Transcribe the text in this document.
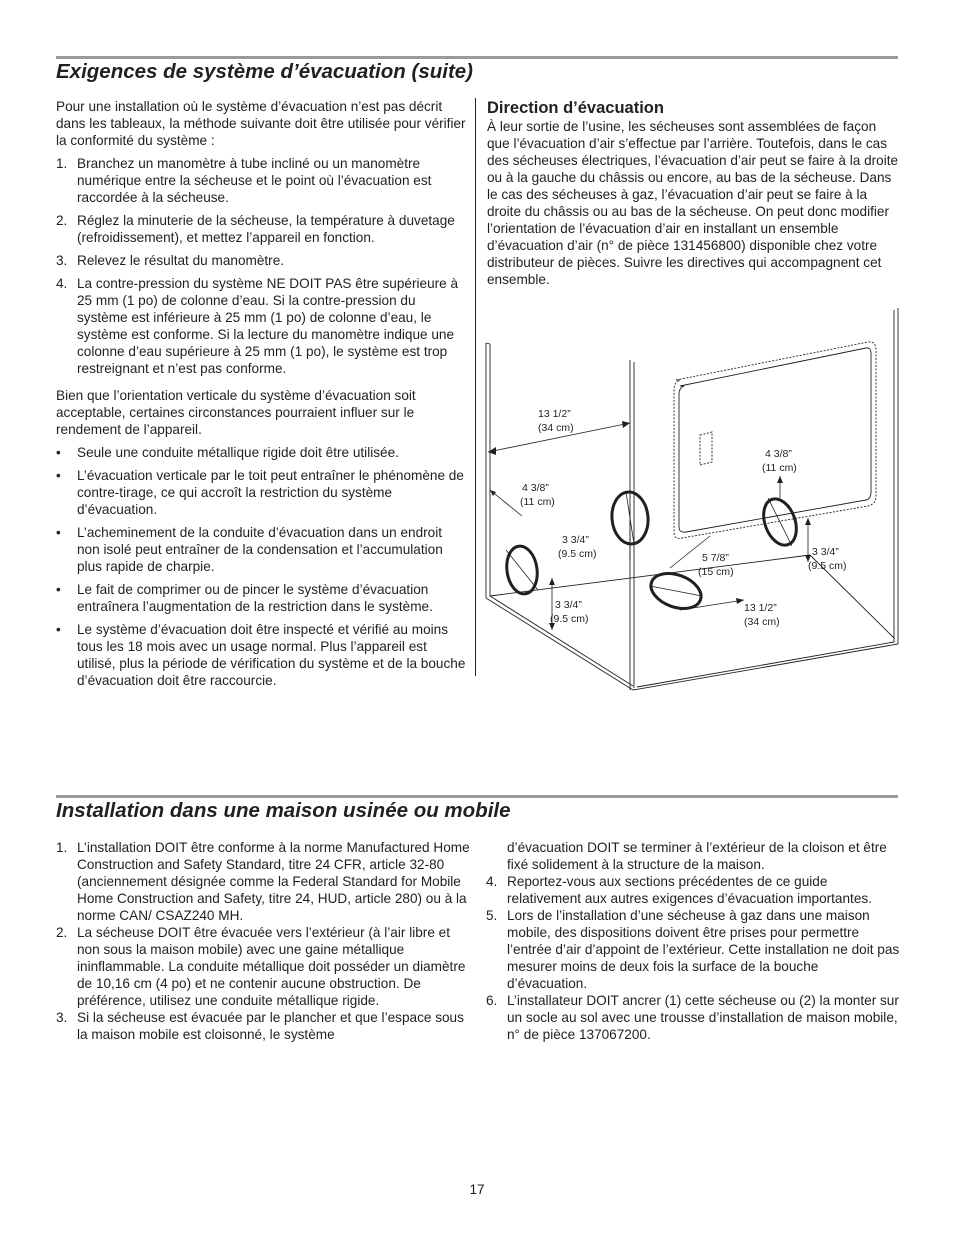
Exigences de système d’évacuation (suite)

Pour une installation où le système d’évacuation n’est pas décrit dans les tableaux, la méthode suivante doit être utilisée pour vérifier la conformité du système :

1. Branchez un manomètre à tube incliné ou un manomètre numérique entre la sécheuse et le point où l’évacuation est raccordée à la sécheuse.
2. Réglez la minuterie de la sécheuse, la température à duvetage (refroidissement), et mettez l’appareil en fonction.
3. Relevez le résultat du manomètre.
4. La contre-pression du système NE DOIT PAS être supérieure à 25 mm (1 po) de colonne d’eau. Si la contre-pression du système est inférieure à 25 mm (1 po) de colonne d’eau, le système est conforme. Si la lecture du manomètre indique une colonne d’eau supérieure à 25 mm (1 po), le système est trop restreignant et n’est pas conforme.

Bien que l’orientation verticale du système d’évacuation soit acceptable, certaines circonstances pourraient influer sur le rendement de l’appareil.

• Seule une conduite métallique rigide doit être utilisée.
• L’évacuation verticale par le toit peut entraîner le phénomène de contre-tirage, ce qui accroît la restriction du système d’évacuation.
• L’acheminement de la conduite d’évacuation dans un endroit non isolé peut entraîner de la condensation et l’accumulation plus rapide de charpie.
• Le fait de comprimer ou de pincer le système d’évacuation entraînera l’augmentation de la restriction dans le système.
• Le système d’évacuation doit être inspecté et vérifié au moins tous les 18 mois avec un usage normal. Plus l’appareil est utilisé, plus la période de vérification du système et de la bouche d’évacuation doit être raccourcie.
Direction d’évacuation

À leur sortie de l’usine, les sécheuses sont assemblées de façon que l’évacuation d’air s’effectue par l’arrière. Toutefois, dans le cas des sécheuses électriques, l’évacuation d’air peut se faire à la droite ou à la gauche du châssis ou encore, au bas de la sécheuse. Dans le cas des sécheuses à gaz, l’évacuation d’air peut se faire à la droite du châssis ou au bas de la sécheuse. On peut donc modifier l’orientation de l’évacuation d’air en installant un ensemble d’évacuation d’air (n° de pièce 131456800) disponible chez votre distributeur de pièces. Suivre les directives qui accompagnent cet ensemble.

13 1/2”
(34 cm)
4 3/8”
(11 cm)
4 3/8”
(11 cm)
3 3/4”
(9.5 cm)	5 7/8”
(15 cm)
3 3/4”
(9.5 cm)
3 3/4”
(9.5 cm)
13 1/2”
(34 cm)
Installation dans une maison usinée ou mobile
1. L’installation DOIT être conforme à la norme Manufactured Home Construction and Safety Standard, titre 24 CFR, article 32-80 (anciennement désignée comme la Federal Standard for Mobile Home Construction and Safety, titre 24, HUD, article 280) ou à la norme CAN/ CSAZ240 MH.
2. La sécheuse DOIT être évacuée vers l’extérieur (à l’air libre et non sous la maison mobile) avec une gaine métallique ininflammable. La conduite métallique doit posséder un diamètre de 10,16 cm (4 po) et ne contenir aucune obstruction. De préférence, utilisez une conduite métallique rigide.
3. Si la sécheuse est évacuée par le plancher et que l’espace sous la maison mobile est cloisonné, le système

d’évacuation DOIT se terminer à l’extérieur de la cloison et être fixé solidement à la structure de la maison.

4. Reportez-vous aux sections précédentes de ce guide relativement aux autres exigences d’évacuation importantes.
5. Lors de l’installation d’une sécheuse à gaz dans une maison mobile, des dispositions doivent être prises pour permettre l’entrée d’air d’appoint de l’extérieur. Cette installation ne doit pas mesurer moins de deux fois la surface de la bouche d’évacuation.
6. L’installateur DOIT ancrer (1) cette sécheuse ou (2) la monter sur un socle au sol avec une trousse d’installation de maison mobile, n° de pièce 137067200.
17
